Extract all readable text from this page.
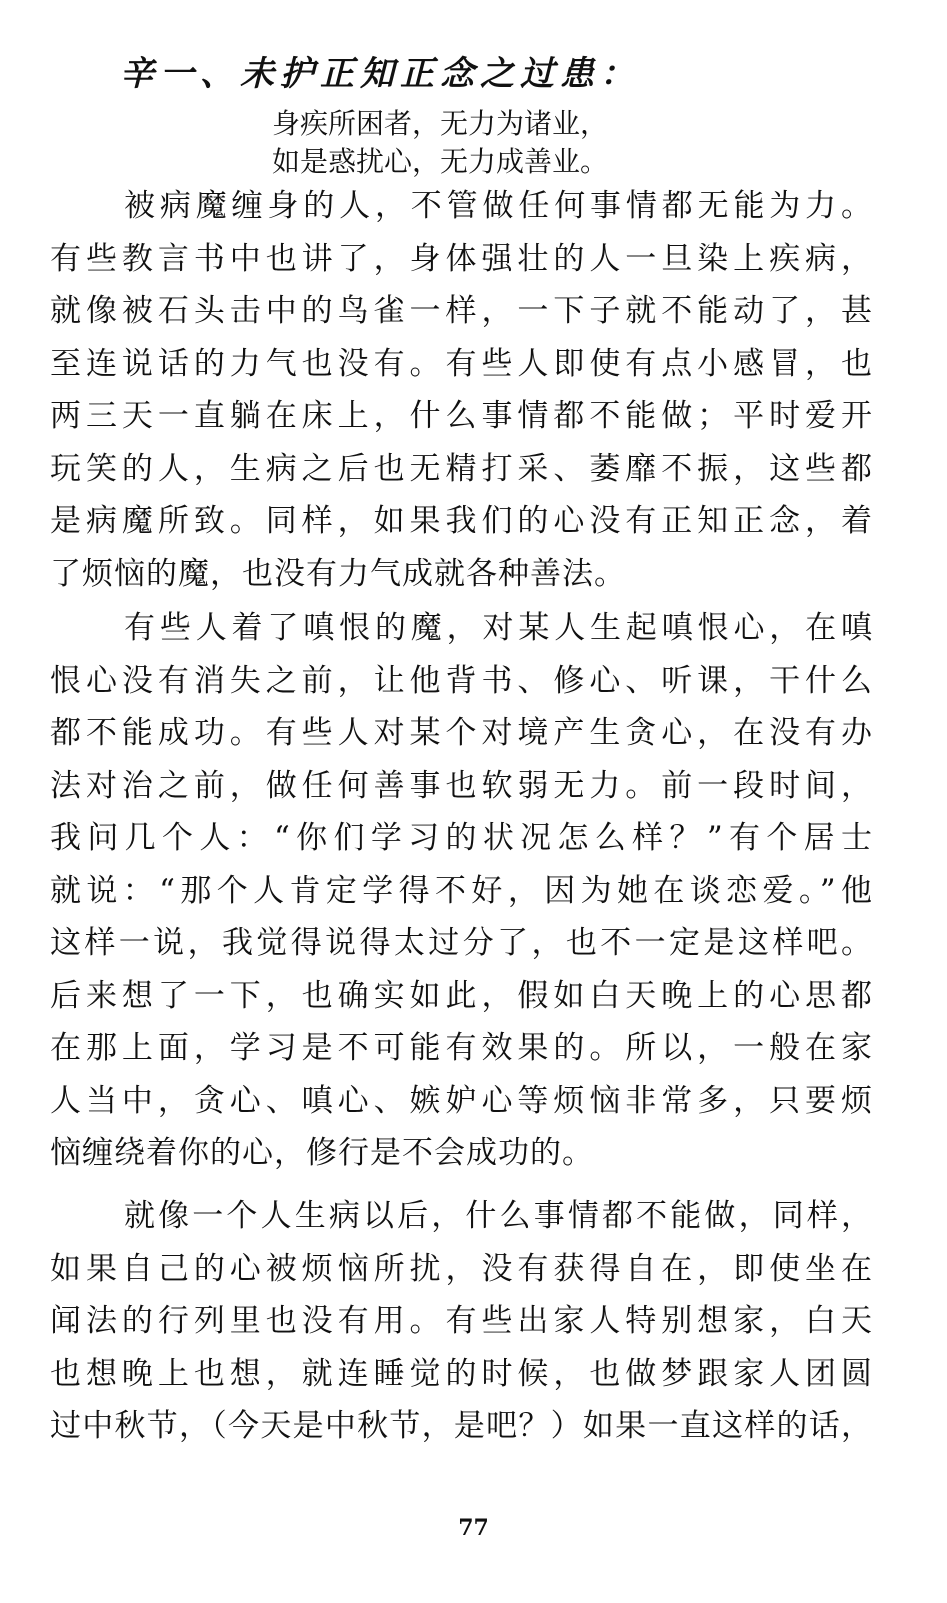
辛一、未护正知正念之过患：
身疾所困者，无力为诸业，
如是惑扰心，无力成善业。
被病魔缠身的人，不管做任何事情都无能为力。
有些教言书中也讲了，身体强壮的人一旦染上疾病，
就像被石头击中的鸟雀一样，一下子就不能动了，甚
至连说话的力气也没有。有些人即使有点小感冒，也
两三天一直躺在床上，什么事情都不能做；平时爱开
玩笑的人，生病之后也无精打采、萎靡不振，这些都
是病魔所致。同样，如果我们的心没有正知正念，着
了烦恼的魔，也没有力气成就各种善法。
有些人着了嗔恨的魔，对某人生起嗔恨心，在嗔
恨心没有消失之前，让他背书、修心、听课，干什么
都不能成功。有些人对某个对境产生贪心，在没有办
法对治之前，做任何善事也软弱无力。前一段时间，
我问几个人：“你们学习的状况怎么样？”有个居士
就说：“那个人肯定学得不好，因为她在谈恋爱。”他
这样一说，我觉得说得太过分了，也不一定是这样吧。
后来想了一下，也确实如此，假如白天晚上的心思都
在那上面，学习是不可能有效果的。所以，一般在家
人当中，贪心、嗔心、嫉妒心等烦恼非常多，只要烦
恼缠绕着你的心，修行是不会成功的。
就像一个人生病以后，什么事情都不能做，同样，
如果自己的心被烦恼所扰，没有获得自在，即使坐在
闻法的行列里也没有用。有些出家人特别想家，白天
也想晚上也想，就连睡觉的时候，也做梦跟家人团圆
过中秋节，（今天是中秋节，是吧？）如果一直这样的话，
77
